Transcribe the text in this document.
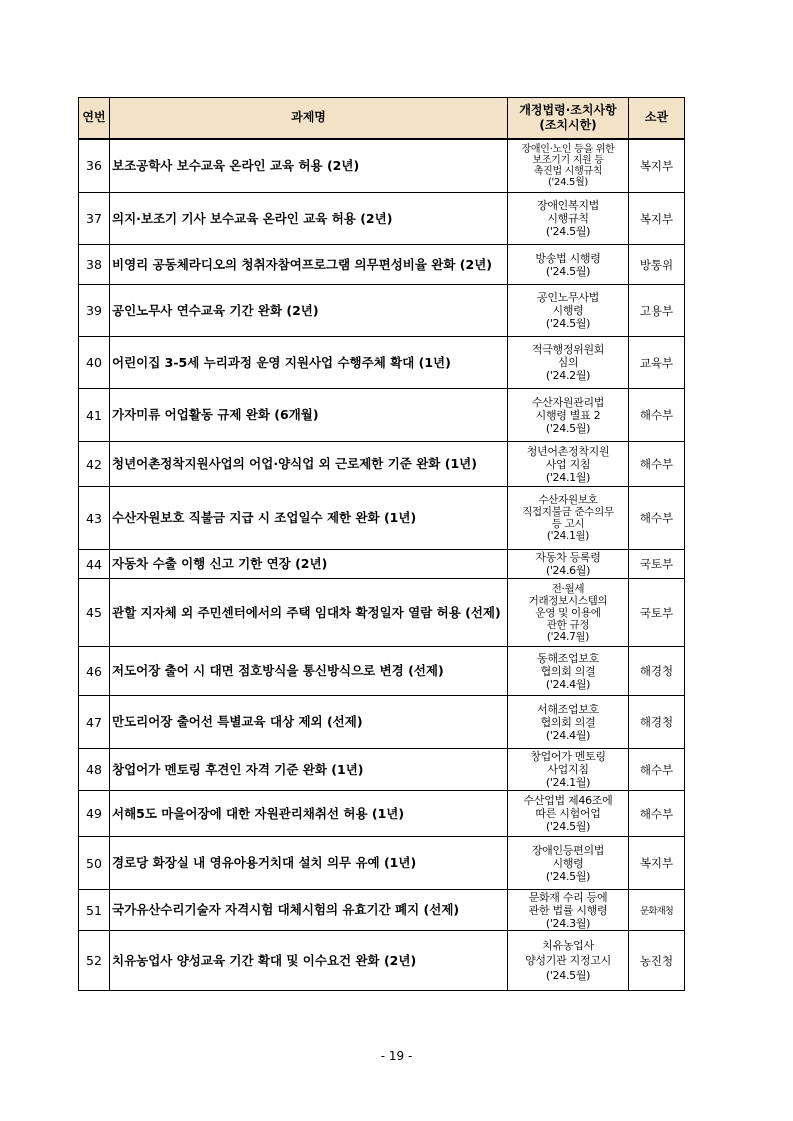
연번	과제명	개정법령·조치사항
(조치시한)	소관
36	보조공학사 보수교육 온라인 교육 허용 (2년)	장애인·노인 등을 위한
보조기기 지원 등
촉진법 시행규칙
('24.5월)	복지부
37	의지·보조기 기사 보수교육 온라인 교육 허용 (2년)	장애인복지법
시행규칙
('24.5월)	복지부
38	비영리 공동체라디오의 청취자참여프로그램 의무편성비율 완화 (2년)	방송법 시행령
('24.5월)	방통위
39	공인노무사 연수교육 기간 완화 (2년)	공인노무사법
시행령
('24.5월)	고용부
40	어린이집 3-5세 누리과정 운영 지원사업 수행주체 확대 (1년)	적극행정위원회
심의
('24.2월)	교육부
41	가자미류 어업활동 규제 완화 (6개월)	수산자원관리법
시행령 별표 2
('24.5월)	해수부
42	청년어촌정착지원사업의 어업·양식업 외 근로제한 기준 완화 (1년)	청년어촌정착지원
사업 지침
('24.1월)	해수부
43	수산자원보호 직불금 지급 시 조업일수 제한 완화 (1년)	수산자원보호
직접지불금 준수의무
등 고시
('24.1월)	해수부
44	자동차 수출 이행 신고 기한 연장 (2년)	자동차 등록령
('24.6월)	국토부
45	관할 지자체 외 주민센터에서의 주택 임대차 확정일자 열람 허용 (선제)	전·월세
거래정보시스템의
운영 및 이용에
관한 규정
('24.7월)	국토부
46	저도어장 출어 시 대면 점호방식을 통신방식으로 변경 (선제)	동해조업보호
협의회 의결
('24.4월)	해경청
47	만도리어장 출어선 특별교육 대상 제외 (선제)	서해조업보호
협의회 의결
('24.4월)	해경청
48	창업어가 멘토링 후견인 자격 기준 완화 (1년)	창업어가 멘토링
사업지침
('24.1월)	해수부
49	서해5도 마을어장에 대한 자원관리채취선 허용 (1년)	수산업법 제46조에
따른 시험어업
('24.5월)	해수부
50	경로당 화장실 내 영유아용거치대 설치 의무 유예 (1년)	장애인등편의법
시행령
('24.5월)	복지부
51	국가유산수리기술자 자격시험 대체시험의 유효기간 폐지 (선제)	문화재 수리 등에
관한 법률 시행령
('24.3월)	문화재청
52	치유농업사 양성교육 기간 확대 및 이수요건 완화 (2년)	치유농업사
양성기관 지정고시
('24.5월)	농진청
- 19 -
